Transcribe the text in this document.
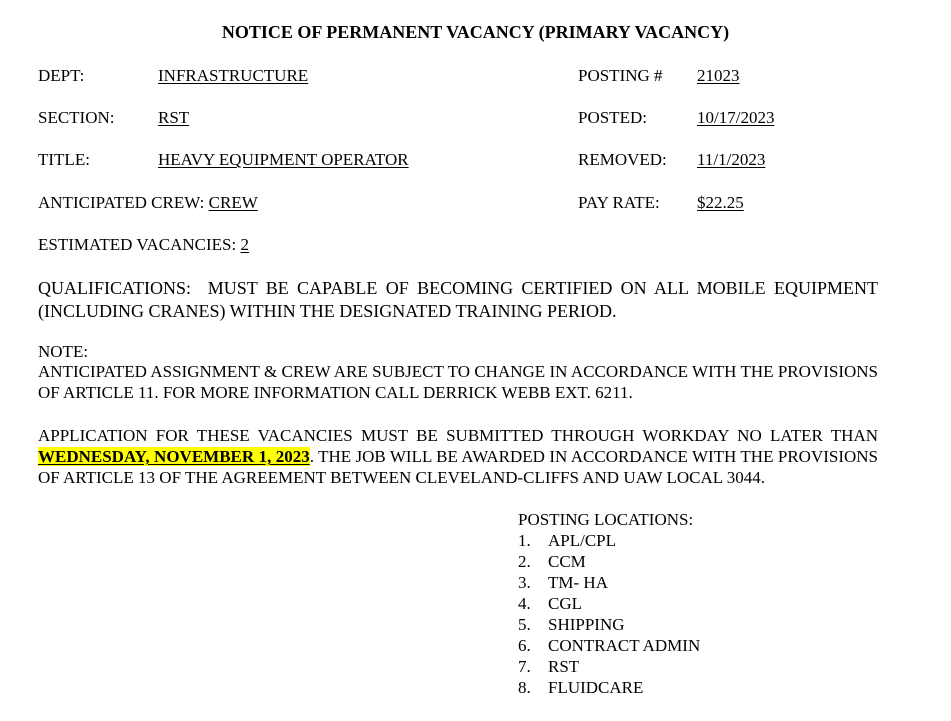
NOTICE OF PERMANENT VACANCY (PRIMARY VACANCY)
DEPT:	INFRASTRUCTURE	POSTING # 21023
SECTION:	RST	POSTED:	10/17/2023
TITLE:	HEAVY EQUIPMENT OPERATOR	REMOVED: 11/1/2023
ANTICIPATED CREW: CREW	PAY RATE: $22.25
ESTIMATED VACANCIES: 2
QUALIFICATIONS: MUST BE CAPABLE OF BECOMING CERTIFIED ON ALL MOBILE EQUIPMENT (INCLUDING CRANES) WITHIN THE DESIGNATED TRAINING PERIOD.
NOTE:
ANTICIPATED ASSIGNMENT & CREW ARE SUBJECT TO CHANGE IN ACCORDANCE WITH THE PROVISIONS OF ARTICLE 11. FOR MORE INFORMATION CALL DERRICK WEBB EXT. 6211.
APPLICATION FOR THESE VACANCIES MUST BE SUBMITTED THROUGH WORKDAY NO LATER THAN WEDNESDAY, NOVEMBER 1, 2023. THE JOB WILL BE AWARDED IN ACCORDANCE WITH THE PROVISIONS OF ARTICLE 13 OF THE AGREEMENT BETWEEN CLEVELAND-CLIFFS AND UAW LOCAL 3044.
POSTING LOCATIONS:
1. APL/CPL
2. CCM
3. TM- HA
4. CGL
5. SHIPPING
6. CONTRACT ADMIN
7. RST
8. FLUIDCARE
